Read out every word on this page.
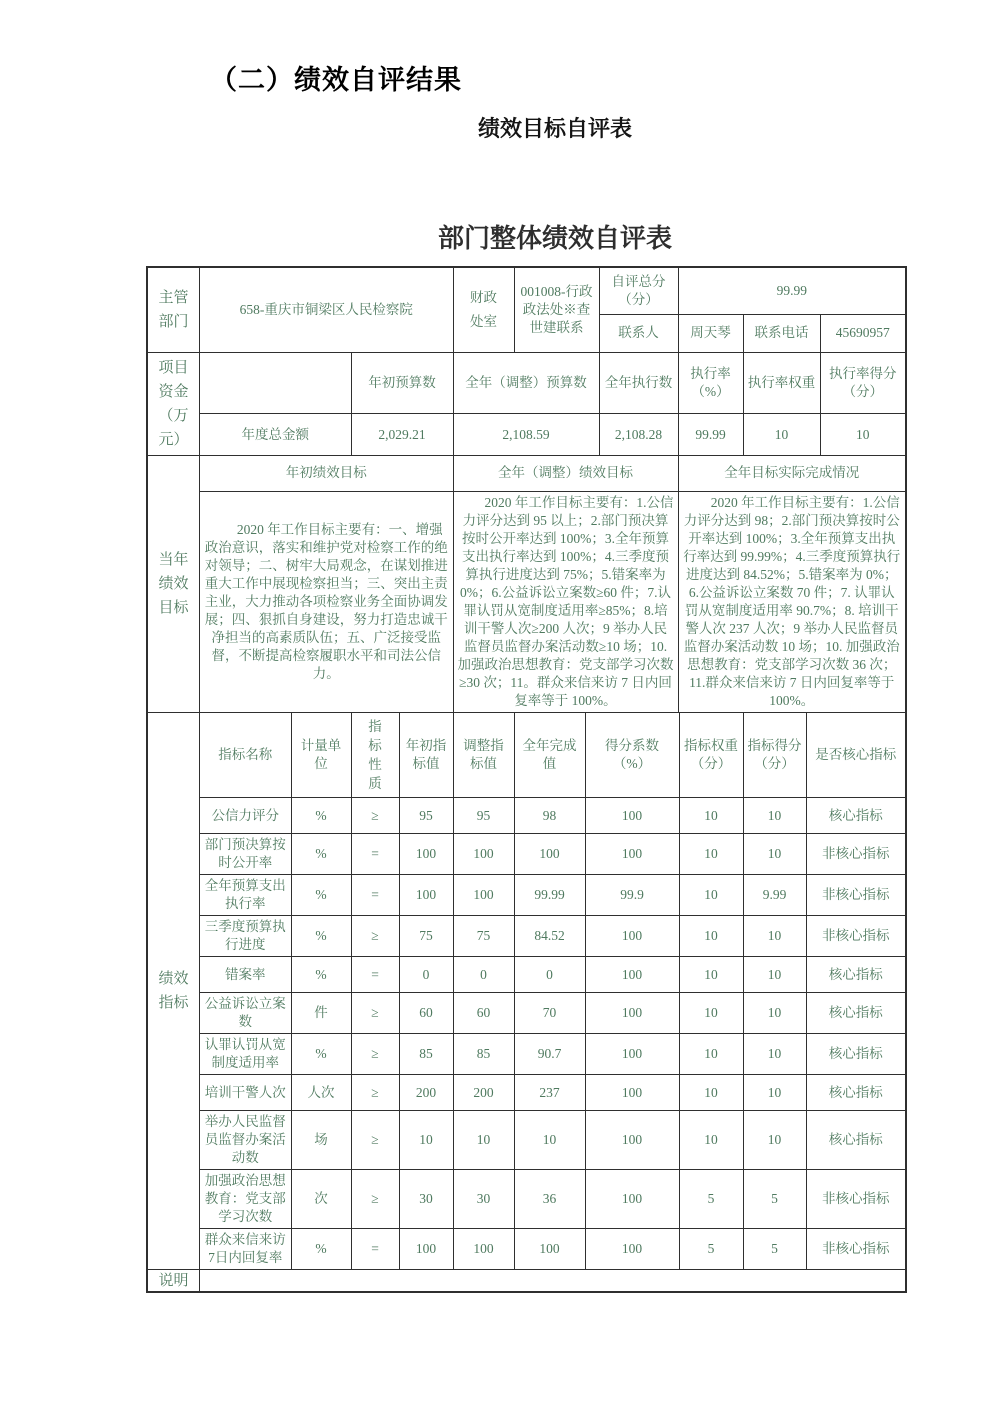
（二）绩效自评结果
绩效目标自评表
部门整体绩效自评表
主管部门
658-重庆市铜梁区人民检察院	财政处室	001008-行政政法处※查世建联系	自评总分（分）	99.99		
			联系人	周天琴	联系电话	45690957
项目资金（万元）
	年初预算数	全年（调整）预算数	全年执行数	执行率（%）	执行率权重	执行率得分（分）
年度总金额	2,029.21	2,108.59	2,108.28	99.99	10	10
当年绩效目标
年初绩效目标	全年（调整）绩效目标	全年目标实际完成情况
2020 年工作目标主要有：一、增强政治意识，落实和维护党对检察工作的绝对领导；二、树牢大局观念，在谋划推进重大工作中展现检察担当；三、突出主责主业，大力推动各项检察业务全面协调发展；四、狠抓自身建设，努力打造忠诚干净担当的高素质队伍；五、广泛接受监督，不断提高检察履职水平和司法公信力。	2020 年工作目标主要有：1.公信力评分达到 95 以上；2.部门预决算按时公开率达到 100%；3.全年预算支出执行率达到 100%；4.三季度预算执行进度达到 75%；5.错案率为 0%；6.公益诉讼立案数≥60 件；7.认罪认罚从宽制度适用率≥85%；8.培训干警人次≥200 人次；9 举办人民监督员监督办案活动数≥10 场；10. 加强政治思想教育：党支部学习次数≥30 次；11。群众来信来访 7 日内回复率等于 100%。	2020 年工作目标主要有：1.公信力评分达到 98；2.部门预决算按时公开率达到 100%；3.全年预算支出执行率达到 99.99%；4.三季度预算执行进度达到 84.52%；5.错案率为 0%；6.公益诉讼立案数 70 件；7. 认罪认罚从宽制度适用率 90.7%；8. 培训干警人次 237 人次；9 举办人民监督员监督办案活动数 10 场；10. 加强政治思想教育：党支部学习次数 36 次；11.群众来信来访 7 日内回复率等于 100%。
绩效指标
指标名称	计量单位	指标性质	年初指标值	调整指标值	全年完成值	得分系数（%）	指标权重（分）	指标得分（分）	是否核心指标
公信力评分	%	≥	95	95	98	100	10	10	核心指标
部门预决算按时公开率	%	=	100	100	100	100	10	10	非核心指标
全年预算支出执行率	%	=	100	100	99.99	99.9	10	9.99	非核心指标
三季度预算执行进度	%	≥	75	75	84.52	100	10	10	非核心指标
错案率	%	=	0	0	0	100	10	10	核心指标
公益诉讼立案数	件	≥	60	60	70	100	10	10	核心指标
认罪认罚从宽制度适用率	%	≥	85	85	90.7	100	10	10	核心指标
培训干警人次	人次	≥	200	200	237	100	10	10	核心指标
举办人民监督员监督办案活动数	场	≥	10	10	10	100	10	10	核心指标
加强政治思想教育：党支部学习次数	次	≥	30	30	36	100	5	5	非核心指标
群众来信来访7日内回复率	%	=	100	100	100	100	5	5	非核心指标
说明
